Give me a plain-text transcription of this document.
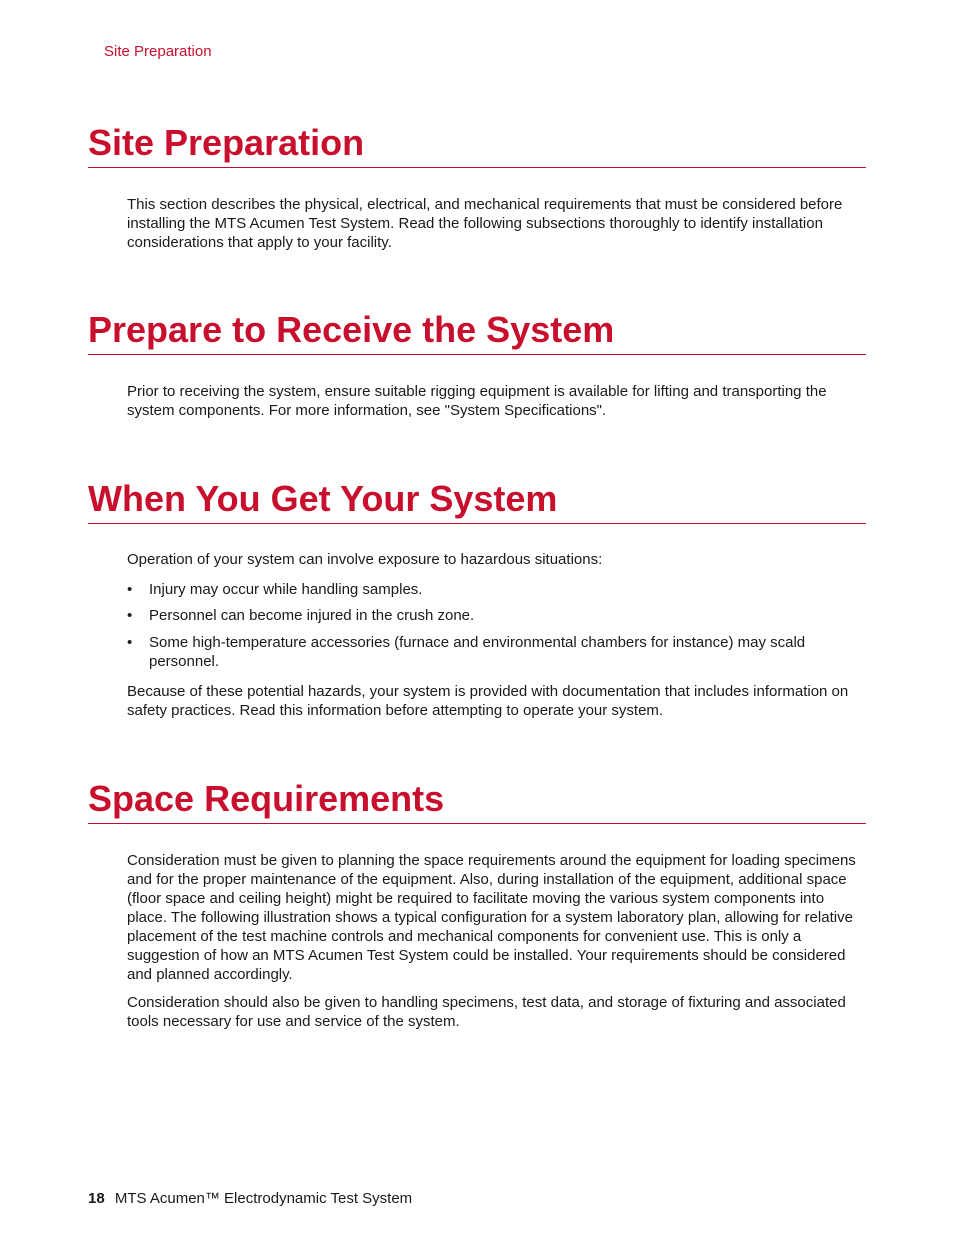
Site Preparation
Site Preparation

This section describes the physical, electrical, and mechanical requirements that must be considered before installing the MTS Acumen Test System. Read the following subsections thoroughly to identify installation considerations that apply to your facility.

Prepare to Receive the System

Prior to receiving the system, ensure suitable rigging equipment is available for lifting and transporting the system components. For more information, see "System Specifications".

When You Get Your System

Operation of your system can involve exposure to hazardous situations:

• Injury may occur while handling samples.
• Personnel can become injured in the crush zone.
• Some high-temperature accessories (furnace and environmental chambers for instance) may scald personnel.

Because of these potential hazards, your system is provided with documentation that includes information on safety practices. Read this information before attempting to operate your system.

Space Requirements

Consideration must be given to planning the space requirements around the equipment for loading specimens and for the proper maintenance of the equipment. Also, during installation of the equipment, additional space (floor space and ceiling height) might be required to facilitate moving the various system components into place. The following illustration shows a typical configuration for a system laboratory plan, allowing for relative placement of the test machine controls and mechanical components for convenient use. This is only a suggestion of how an MTS Acumen Test System could be installed. Your requirements should be considered and planned accordingly.

Consideration should also be given to handling specimens, test data, and storage of fixturing and associated tools necessary for use and service of the system.

18 MTS Acumen™ Electrodynamic Test System
